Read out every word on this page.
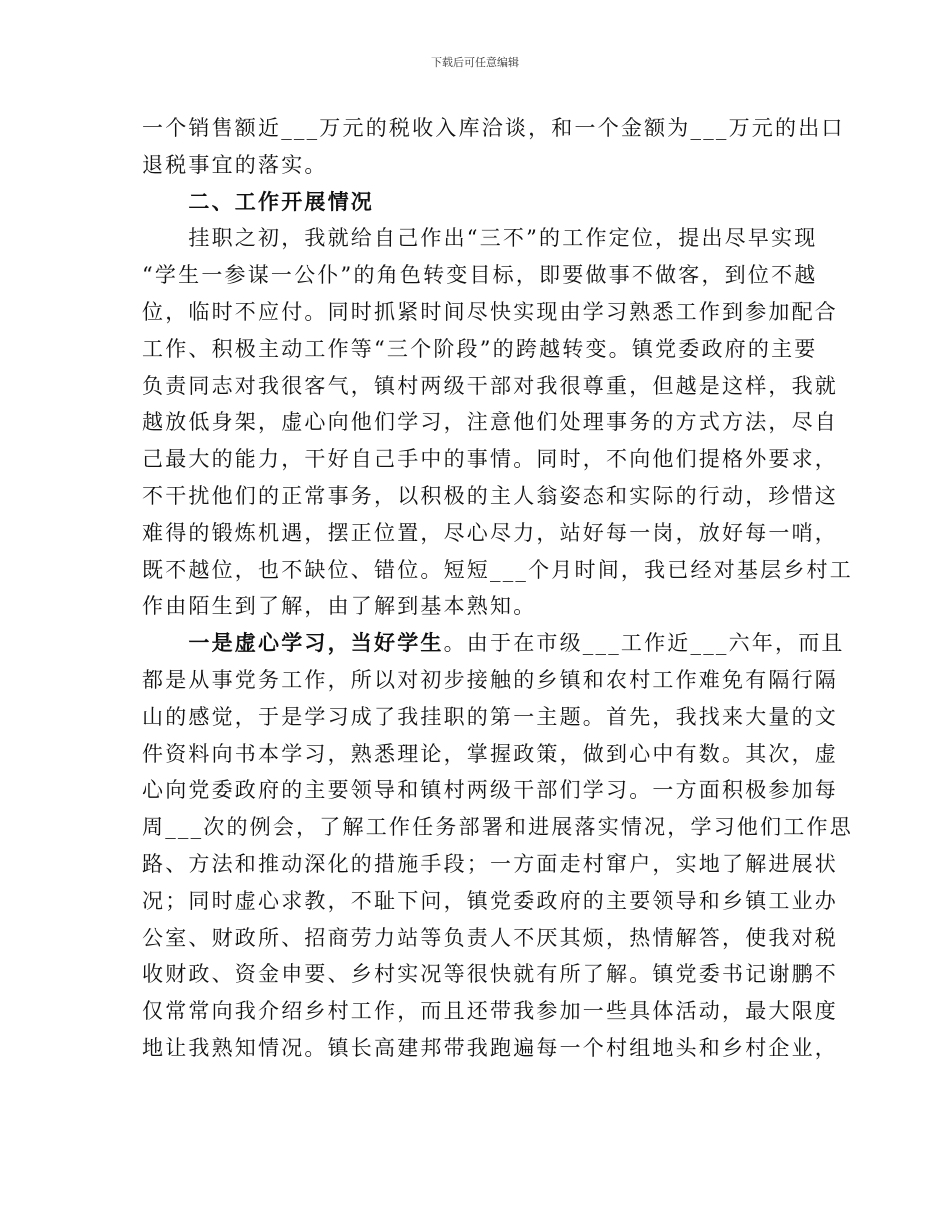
下载后可任意编辑
一个销售额近___万元的税收入库洽谈，和一个金额为___万元的出口
退税事宜的落实。
二、工作开展情况
挂职之初，我就给自己作出“三不”的工作定位，提出尽早实现
“学生一参谋一公仆”的角色转变目标，即要做事不做客，到位不越
位，临时不应付。同时抓紧时间尽快实现由学习熟悉工作到参加配合
工作、积极主动工作等“三个阶段”的跨越转变。镇党委政府的主要
负责同志对我很客气，镇村两级干部对我很尊重，但越是这样，我就
越放低身架，虚心向他们学习，注意他们处理事务的方式方法，尽自
己最大的能力，干好自己手中的事情。同时，不向他们提格外要求，
不干扰他们的正常事务，以积极的主人翁姿态和实际的行动，珍惜这
难得的锻炼机遇，摆正位置，尽心尽力，站好每一岗，放好每一哨，
既不越位，也不缺位、错位。短短___个月时间，我已经对基层乡村工
作由陌生到了解，由了解到基本熟知。
一是虚心学习，当好学生。由于在市级___工作近___六年，而且
都是从事党务工作，所以对初步接触的乡镇和农村工作难免有隔行隔
山的感觉，于是学习成了我挂职的第一主题。首先，我找来大量的文
件资料向书本学习，熟悉理论，掌握政策，做到心中有数。其次，虚
心向党委政府的主要领导和镇村两级干部们学习。一方面积极参加每
周___次的例会，了解工作任务部署和进展落实情况，学习他们工作思
路、方法和推动深化的措施手段；一方面走村窜户，实地了解进展状
况；同时虚心求教，不耻下问，镇党委政府的主要领导和乡镇工业办
公室、财政所、招商劳力站等负责人不厌其烦，热情解答，使我对税
收财政、资金申要、乡村实况等很快就有所了解。镇党委书记谢鹏不
仅常常向我介绍乡村工作，而且还带我参加一些具体活动，最大限度
地让我熟知情况。镇长高建邦带我跑遍每一个村组地头和乡村企业，
